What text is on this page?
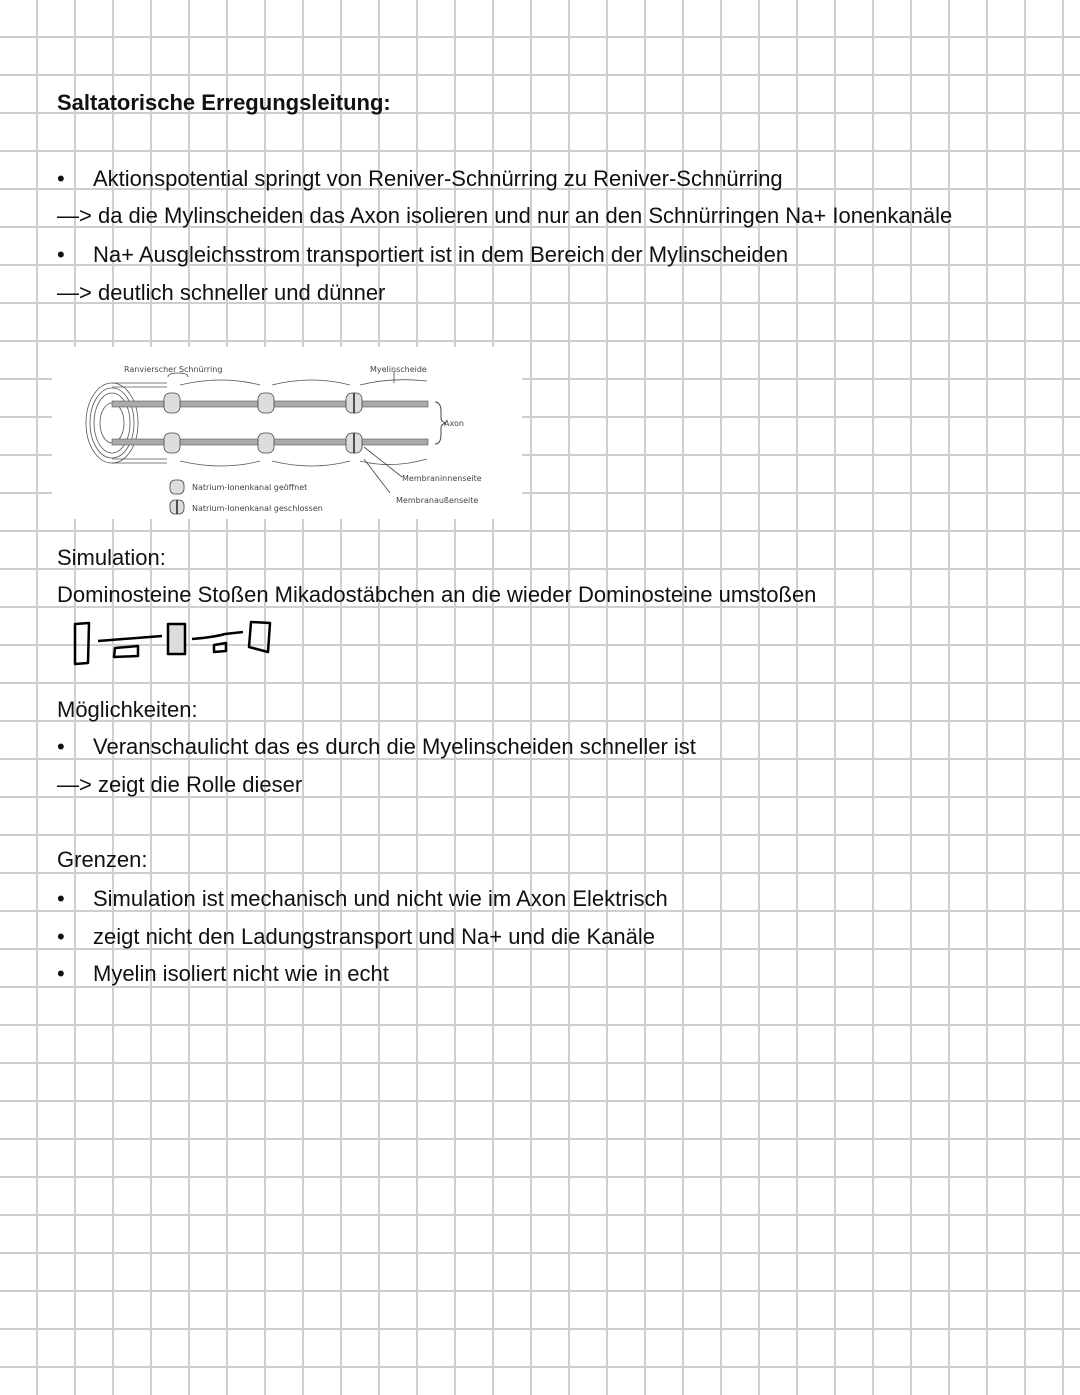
Saltatorische Erregungsleitung:
• Aktionspotential springt von Reniver-Schnürring zu Reniver-Schnürring
—> da die Mylinscheiden das Axon isolieren und nur an den Schnürringen Na+ Ionenkanäle
• Na+ Ausgleichsstrom transportiert ist in dem Bereich der Mylinscheiden
—> deutlich schneller und dünner
Ranvierscher Schnürring	Myelinscheide
Axon
Membraninnenseite
Membranaußenseite
Natrium-Ionenkanal geöffnet
Natrium-Ionenkanal geschlossen
Simulation:
Dominosteine Stoßen Mikadostäbchen an die wieder Dominosteine umstoßen
Möglichkeiten:
• Veranschaulicht das es durch die Myelinscheiden schneller ist
—> zeigt die Rolle dieser
Grenzen:
• Simulation ist mechanisch und nicht wie im Axon Elektrisch
• zeigt nicht den Ladungstransport und Na+ und die Kanäle
• Myelin isoliert nicht wie in echt
